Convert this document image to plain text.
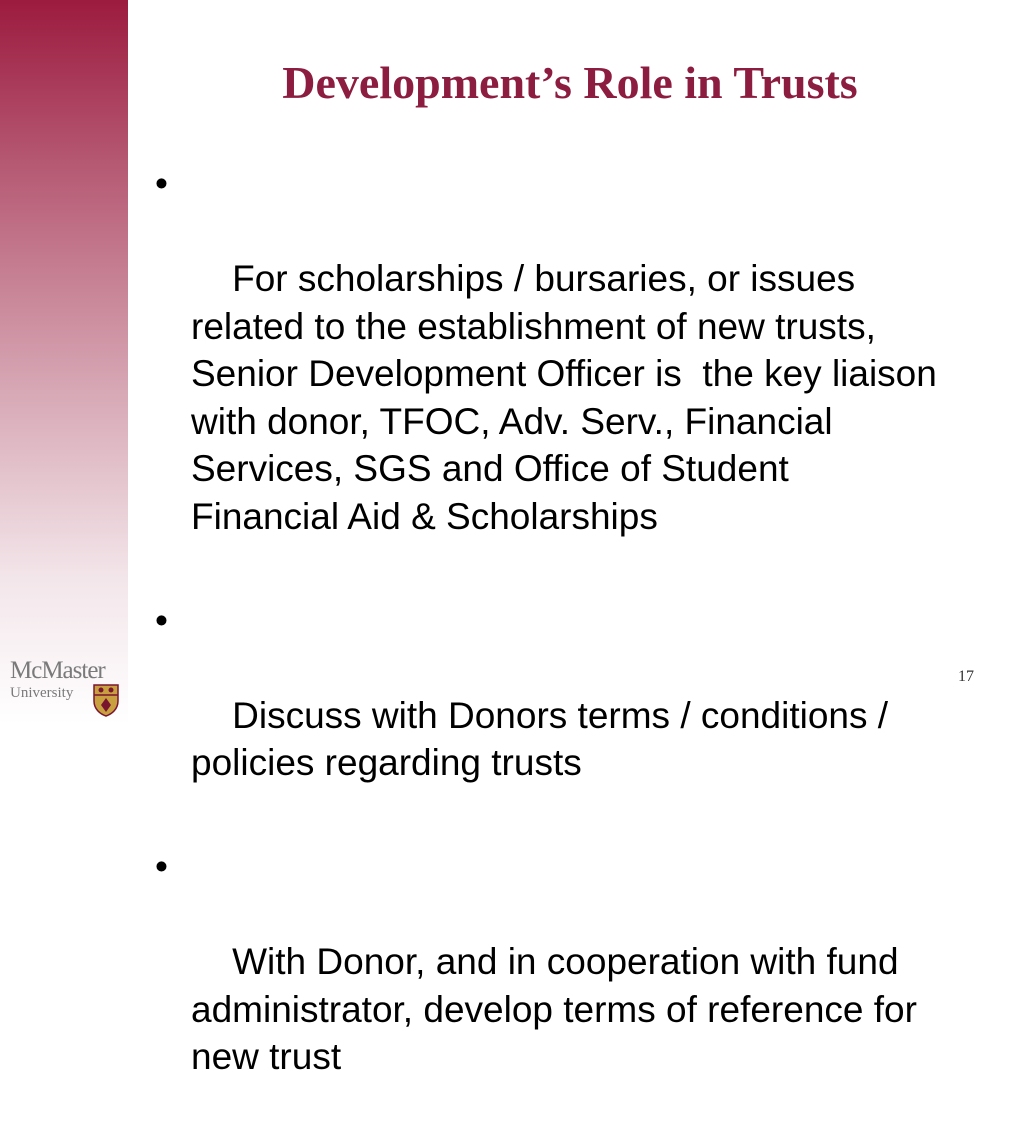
Development’s Role in Trusts

•

For scholarships / bursaries, or issues related to the establishment of new trusts, Senior Development Officer is  the key liaison with donor, TFOC, Adv. Serv., Financial Services, SGS and Office of Student Financial Aid & Scholarships

•

Discuss with Donors terms / conditions / policies regarding trusts

•

With Donor, and in cooperation with fund administrator, develop terms of reference for new trust

McMaster
University
17
